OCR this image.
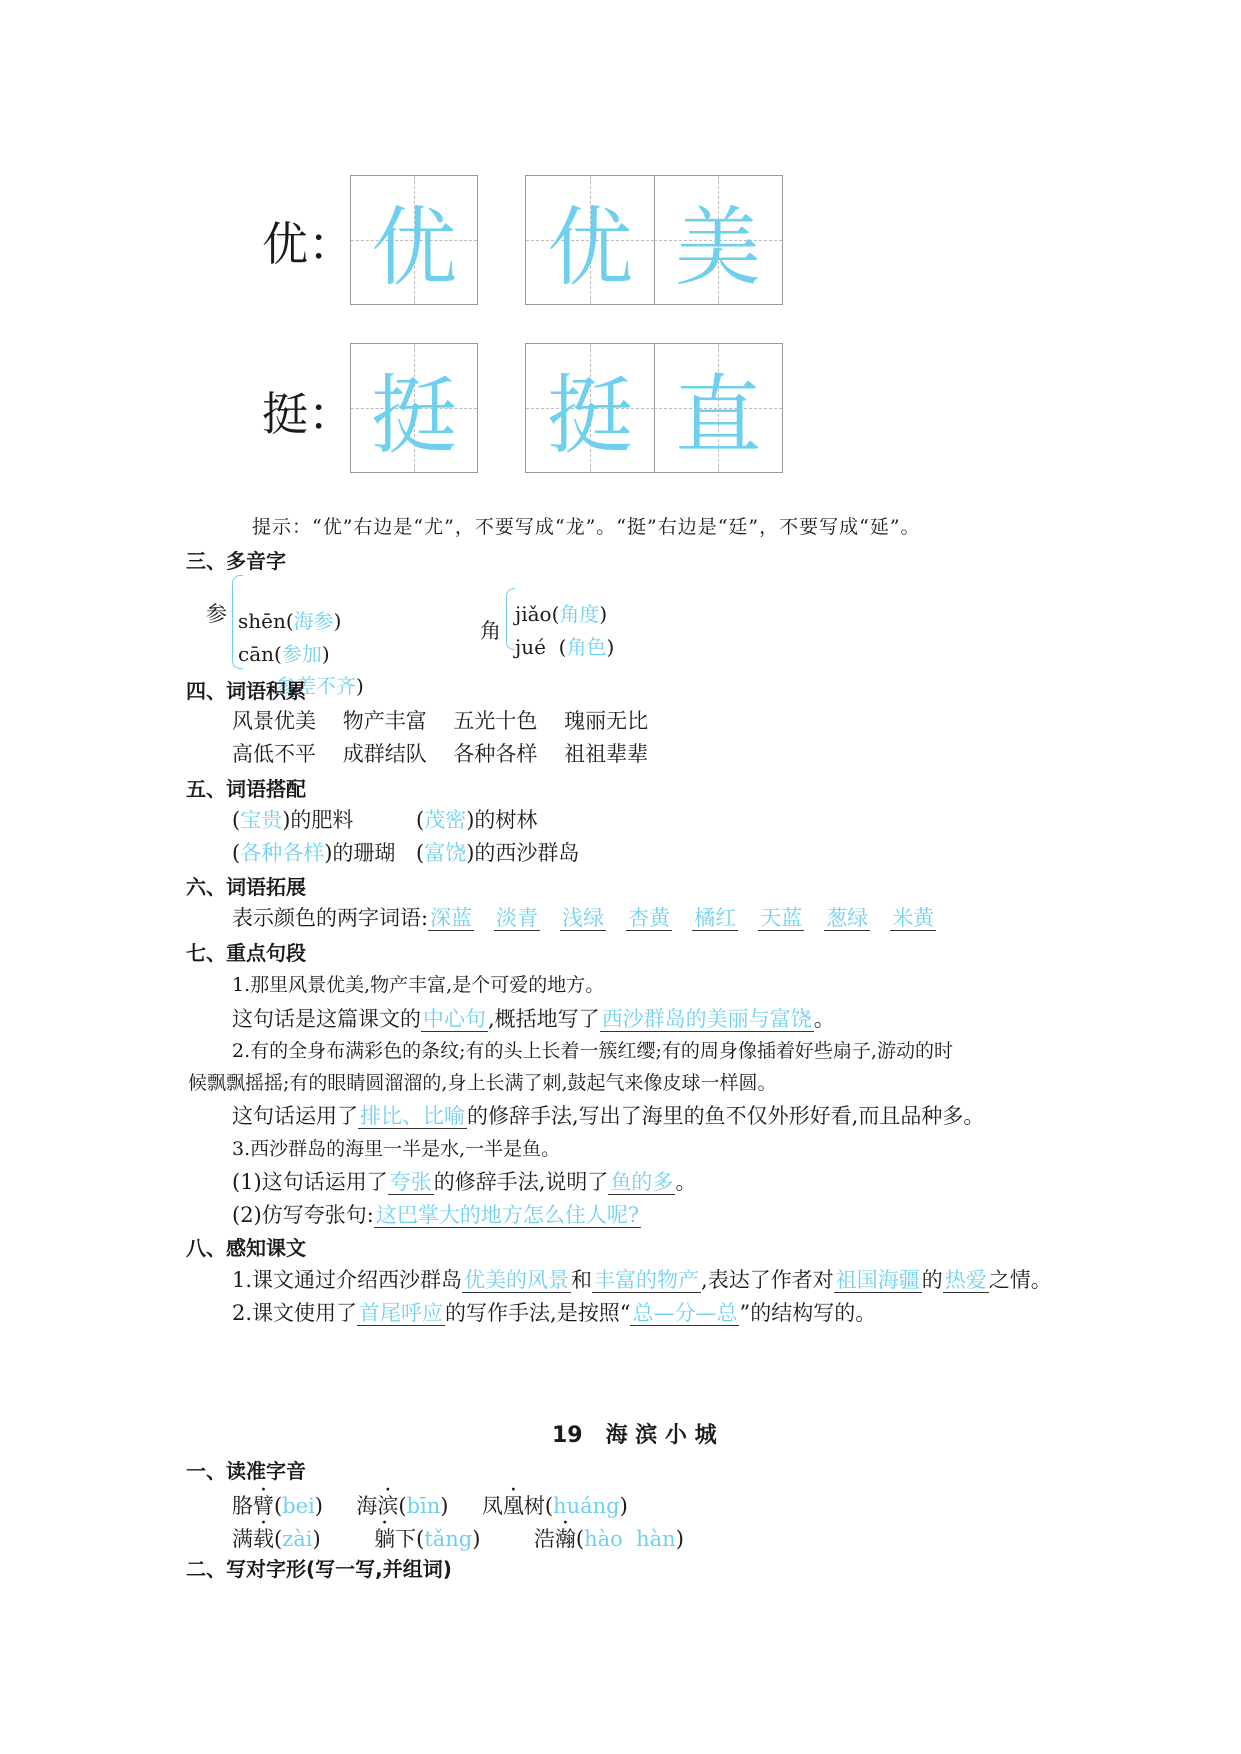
优： 优 优 美
挺： 挺 挺 直
提示：“优”右边是“尤”，不要写成“龙”。“挺”右边是“廷”，不要写成“延”。
三、多音字
参 shēn(海参)
cān(参加)
参差不齐)
角
jiǎo(角度)
jué  (角色)
四、词语积累
风景优美    物产丰富    五光十色    瑰丽无比
高低不平    成群结队    各种各样    祖祖辈辈
五、词语搭配
(宝贵)的肥料	(茂密)的树林
(各种各样)的珊瑚 (富饶)的西沙群岛
六、词语拓展
表示颜色的两字词语:深蓝 淡青 浅绿 杏黄 橘红 天蓝 葱绿 米黄
七、重点句段
1.那里风景优美,物产丰富,是个可爱的地方。
这句话是这篇课文的中心句,概括地写了西沙群岛的美丽与富饶。
2.有的全身布满彩色的条纹;有的头上长着一簇红缨;有的周身像插着好些扇子,游动的时
候飘飘摇摇;有的眼睛圆溜溜的,身上长满了刺,鼓起气来像皮球一样圆。
这句话运用了排比、比喻的修辞手法,写出了海里的鱼不仅外形好看,而且品种多。
3.西沙群岛的海里一半是水,一半是鱼。
(1)这句话运用了夸张的修辞手法,说明了鱼的多。
(2)仿写夸张句:这巴掌大的地方怎么住人呢?
八、感知课文
1.课文通过介绍西沙群岛优美的风景和丰富的物产,表达了作者对祖国海疆的热爱之情。
2.课文使用了首尾呼应的写作手法,是按照“总—分—总”的结构写的。
19   海 滨 小 城
一、读准字音
胳臂(bei)     海滨(bīn)     凤凰树(huáng)
满载(zài)        躺下(tǎng)        浩瀚(hào  hàn)
二、写对字形(写一写,并组词)
